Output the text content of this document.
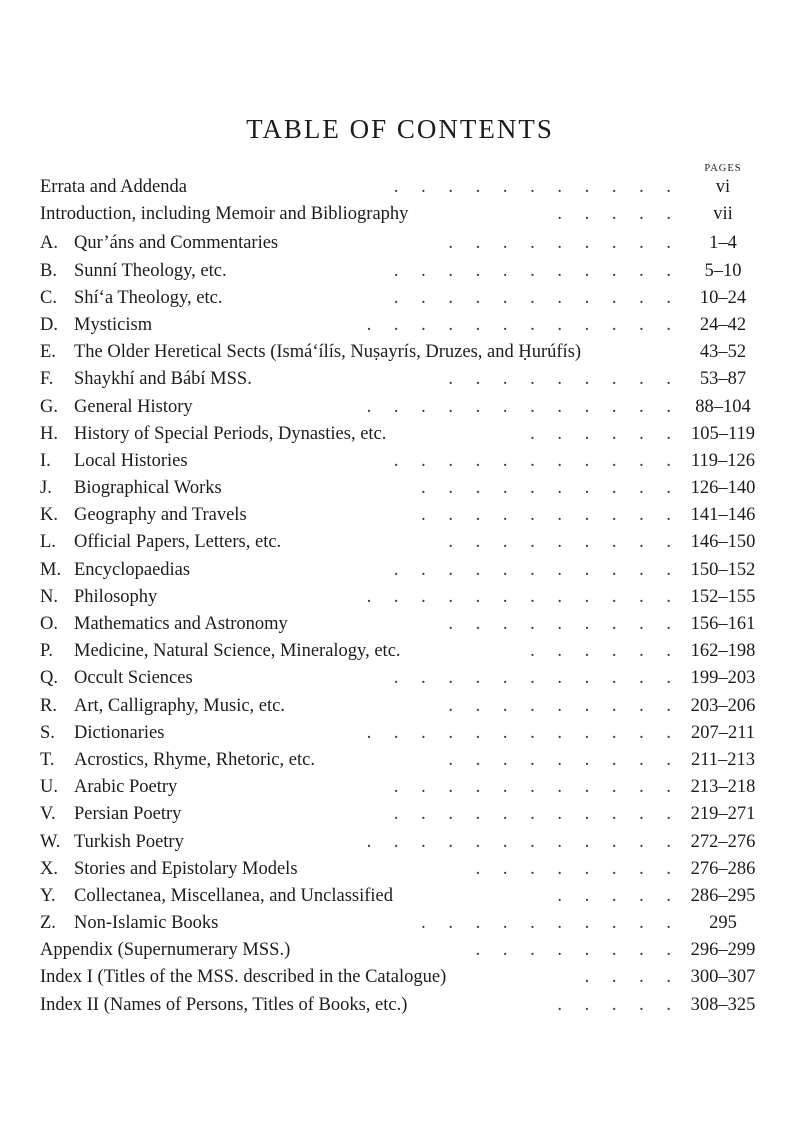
TABLE OF CONTENTS
PAGES
Errata and Addenda	. . . . . . . . . . .	vi
Introduction, including Memoir and Bibliography	. . . . .	vii
A. Qur’áns and Commentaries	. . . . . . . . .	1–4
B. Sunní Theology, etc.	. . . . . . . . . . .	5–10
C. Shí‘a Theology, etc.	. . . . . . . . . . .	10–24
D. Mysticism	. . . . . . . . . . . .	24–42
E. The Older Heretical Sects (Ismá‘ílís, Nuṣayrís, Druzes, and Ḥurúfís)	43–52
F.	Shaykhí and Bábí MSS.	. . . . . . . . .	53–87
G. General History	. . . . . . . . . . . . 88–104
H. History of Special Periods, Dynasties, etc.	. . . . . . 105–119
I.	Local Histories	. . . . . . . . . . . 119–126
J.	Biographical Works	. . . . . . . . . . 126–140
K. Geography and Travels	. . . . . . . . . . 141–146
L. Official Papers, Letters, etc.	. . . . . . . . . 146–150
M. Encyclopaedias	. . . . . . . . . . . 150–152
N. Philosophy	. . . . . . . . . . . . 152–155
O. Mathematics and Astronomy	. . . . . . . . . 156–161
P.	Medicine, Natural Science, Mineralogy, etc.	. . . . . . 162–198
Q. Occult Sciences	. . . . . . . . . . . 199–203
R. Art, Calligraphy, Music, etc.	. . . . . . . . . 203–206
S.	Dictionaries	. . . . . . . . . . . . 207–211
T.	Acrostics, Rhyme, Rhetoric, etc.	. . . . . . . . . 211–213
U. Arabic Poetry	. . . . . . . . . . . 213–218
V. Persian Poetry	. . . . . . . . . . . 219–271
W. Turkish Poetry	. . . . . . . . . . . . 272–276
X. Stories and Epistolary Models	. . . . . . . . 276–286
Y. Collectanea, Miscellanea, and Unclassified	. . . . . 286–295
Z. Non-Islamic Books	. . . . . . . . . .	295
Appendix (Supernumerary MSS.)	. . . . . . . . 296–299
Index I (Titles of the MSS. described in the Catalogue)	. . . . 300–307
Index II (Names of Persons, Titles of Books, etc.)	. . . . . 308–325
